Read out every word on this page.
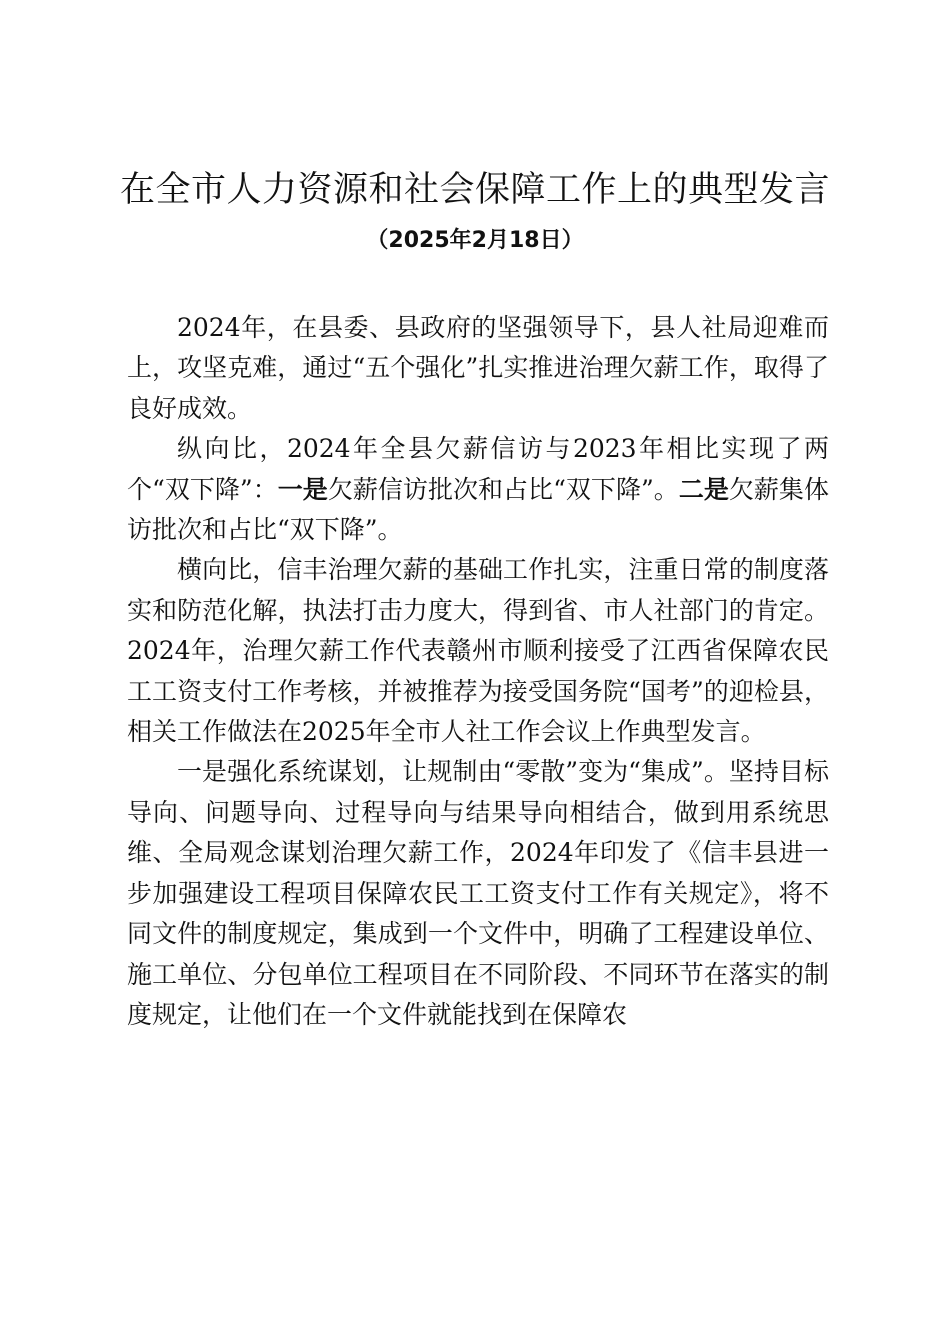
在全市人力资源和社会保障工作上的典型发言
（2025年2月18日）

2024年，在县委、县政府的坚强领导下，县人社局迎难而上，攻坚克难，通过“五个强化”扎实推进治理欠薪工作，取得了良好成效。

纵向比，2024年全县欠薪信访与2023年相比实现了两个“双下降”：一是欠薪信访批次和占比“双下降”。二是欠薪集体访批次和占比“双下降”。

横向比，信丰治理欠薪的基础工作扎实，注重日常的制度落实和防范化解，执法打击力度大，得到省、市人社部门的肯定。2024年，治理欠薪工作代表赣州市顺利接受了江西省保障农民工工资支付工作考核，并被推荐为接受国务院“国考”的迎检县，相关工作做法在2025年全市人社工作会议上作典型发言。

一是强化系统谋划，让规制由“零散”变为“集成”。坚持目标导向、问题导向、过程导向与结果导向相结合，做到用系统思维、全局观念谋划治理欠薪工作，2024年印发了《信丰县进一步加强建设工程项目保障农民工工资支付工作有关规定》，将不同文件的制度规定，集成到一个文件中，明确了工程建设单位、施工单位、分包单位工程项目在不同阶段、不同环节在落实的制度规定，让他们在一个文件就能找到在保障农
